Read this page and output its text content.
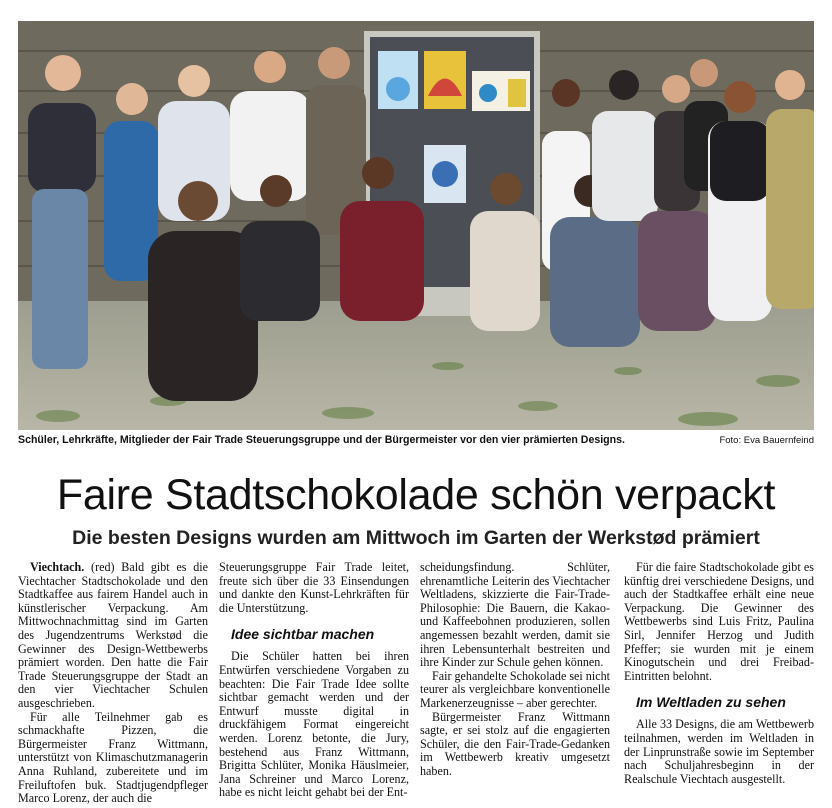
Schüler, Lehrkräfte, Mitglieder der Fair Trade Steuerungsgruppe und der Bürgermeister vor den vier prämierten Designs.	Foto: Eva Bauernfeind
Faire Stadtschokolade schön verpackt
Die besten Designs wurden am Mittwoch im Garten der Werkstød prämiert

Viechtach. (red) Bald gibt es die Viechtacher Stadtschokolade und den Stadtkaffee aus fairem Handel auch in künstlerischer Verpackung. Am Mittwochnachmittag sind im Garten des Jugendzentrums Werkstød die Gewinner des Design-Wettbewerbs prämiert worden. Den hatte die Fair Trade Steuerungsgruppe der Stadt an den vier Viechtacher Schulen ausgeschrieben.

Für alle Teilnehmer gab es schmackhafte Pizzen, die Bürgermeister Franz Wittmann, unterstützt von Klimaschutzmanagerin Anna Ruhland, zubereitete und im Freiluftofen buk. Stadtjugendpfleger Marco Lorenz, der auch die

Steuerungsgruppe Fair Trade leitet, freute sich über die 33 Einsendungen und dankte den Kunst-Lehrkräften für die Unterstützung.

Idee sichtbar machen

Die Schüler hatten bei ihren Entwürfen verschiedene Vorgaben zu beachten: Die Fair Trade Idee sollte sichtbar gemacht werden und der Entwurf musste digital in druckfähigem Format eingereicht werden. Lorenz betonte, die Jury, bestehend aus Franz Wittmann, Brigitta Schlüter, Monika Häuslmeier, Jana Schreiner und Marco Lorenz, habe es nicht leicht gehabt bei der Ent-

scheidungsfindung. Schlüter, ehrenamtliche Leiterin des Viechtacher Weltladens, skizzierte die Fair-Trade-Philosophie: Die Bauern, die Kakao- und Kaffeebohnen produzieren, sollen angemessen bezahlt werden, damit sie ihren Lebensunterhalt bestreiten und ihre Kinder zur Schule gehen können.

Fair gehandelte Schokolade sei nicht teurer als vergleichbare konventionelle Markenerzeugnisse – aber gerechter.

Bürgermeister Franz Wittmann sagte, er sei stolz auf die engagierten Schüler, die den Fair-Trade-Gedanken im Wettbewerb kreativ umgesetzt haben.

Für die faire Stadtschokolade gibt es künftig drei verschiedene Designs, und auch der Stadtkaffee erhält eine neue Verpackung. Die Gewinner des Wettbewerbs sind Luis Fritz, Paulina Sirl, Jennifer Herzog und Judith Pfeffer; sie wurden mit je einem Kinogutschein und drei Freibad-Eintritten belohnt.

Im Weltladen zu sehen

Alle 33 Designs, die am Wettbewerb teilnahmen, werden im Weltladen in der Linprunstraße sowie im September nach Schuljahresbeginn in der Realschule Viechtach ausgestellt.
